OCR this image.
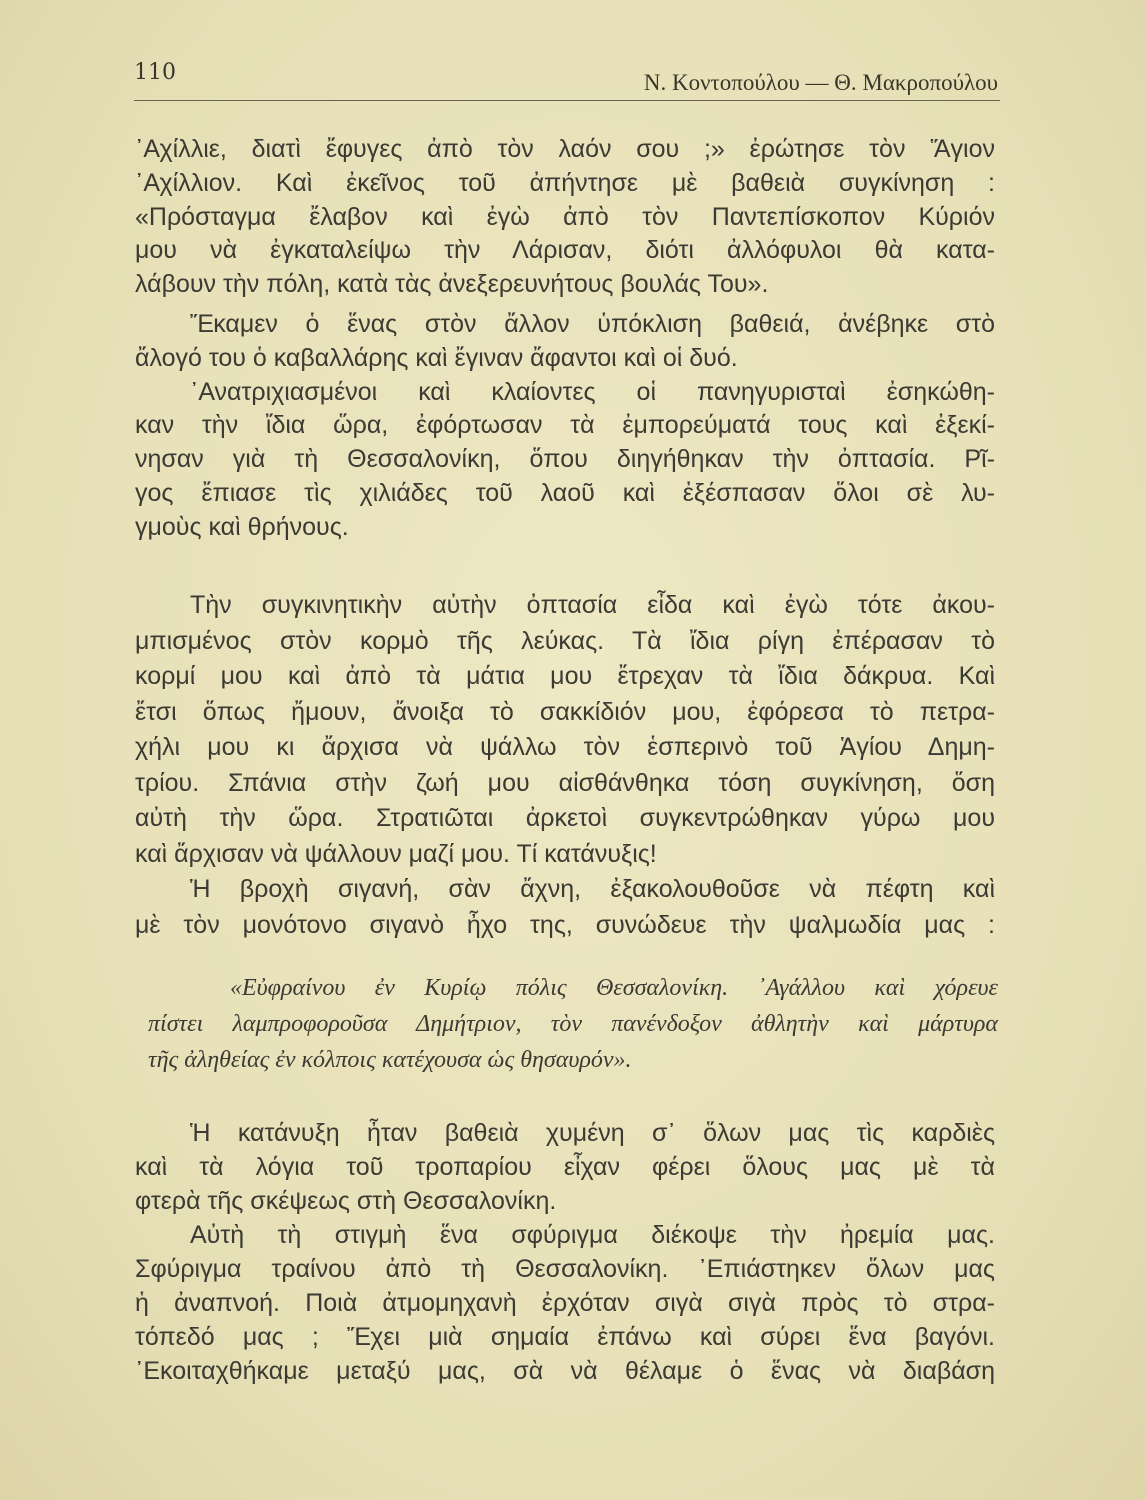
110	Ν. Κοντοπούλου — Θ. Μακροπούλου
᾿Αχίλλιε, διατὶ ἔφυγες ἀπὸ τὸν λαόν σου ;» ἐρώτησε τὸν Ἅγιον
᾿Αχίλλιον. Καὶ ἐκεῖνος τοῦ ἀπήντησε μὲ βαθειὰ συγκίνηση :
«Πρόσταγμα ἔλαβον καὶ ἐγὼ ἀπὸ τὸν Παντεπίσκοπον Κύριόν
μου νὰ ἐγκαταλείψω τὴν Λάρισαν, διότι ἀλλόφυλοι θὰ κατα-
λάβουν τὴν πόλη, κατὰ τὰς ἀνεξερευνήτους βουλάς Του».
Ἔκαμεν ὁ ἕνας στὸν ἄλλον ὑπόκλιση βαθειά, ἀνέβηκε στὸ
ἄλογό του ὁ καβαλλάρης καὶ ἔγιναν ἄφαντοι καὶ οἱ δυό.
᾿Ανατριχιασμένοι καὶ κλαίοντες οἱ πανηγυρισταὶ ἐσηκώθη-
καν τὴν ἴδια ὥρα, ἐφόρτωσαν τὰ ἐμπορεύματά τους καὶ ἐξεκί-
νησαν γιὰ τὴ Θεσσαλονίκη, ὅπου διηγήθηκαν τὴν ὀπτασία. Ρῖ-
γος ἔπιασε τὶς χιλιάδες τοῦ λαοῦ καὶ ἐξέσπασαν ὅλοι σὲ λυ-
γμοὺς καὶ θρήνους.
Τὴν συγκινητικὴν αὐτὴν ὀπτασία εἶδα καὶ ἐγὼ τότε ἀκου-
μπισμένος στὸν κορμὸ τῆς λεύκας. Τὰ ἴδια ρίγη ἐπέρασαν τὸ
κορμί μου καὶ ἀπὸ τὰ μάτια μου ἔτρεχαν τὰ ἴδια δάκρυα. Καὶ
ἔτσι ὅπως ἤμουν, ἄνοιξα τὸ σακκίδιόν μου, ἐφόρεσα τὸ πετρα-
χήλι μου κι ἄρχισα νὰ ψάλλω τὸν ἑσπερινὸ τοῦ Ἁγίου Δημη-
τρίου. Σπάνια στὴν ζωή μου αἰσθάνθηκα τόση συγκίνηση, ὅση
αὐτὴ τὴν ὥρα. Στρατιῶται ἀρκετοὶ συγκεντρώθηκαν γύρω μου
καὶ ἄρχισαν νὰ ψάλλουν μαζί μου. Τί κατάνυξις!
Ἡ βροχὴ σιγανή, σὰν ἄχνη, ἐξακολουθοῦσε νὰ πέφτη καὶ
μὲ τὸν μονότονο σιγανὸ ἦχο της, συνώδευε τὴν ψαλμωδία μας :
«Εὐφραίνου ἐν Κυρίῳ πόλις Θεσσαλονίκη. ᾿Αγάλλου καὶ χόρευε
πίστει λαμπροφοροῦσα Δημήτριον, τὸν πανένδοξον ἀθλητὴν καὶ μάρτυρα
τῆς ἀληθείας ἐν κόλποις κατέχουσα ὡς θησαυρόν».
Ἡ κατάνυξη ἦταν βαθειὰ χυμένη σ᾿ ὅλων μας τὶς καρδιὲς
καὶ τὰ λόγια τοῦ τροπαρίου εἶχαν φέρει ὅλους μας μὲ τὰ
φτερὰ τῆς σκέψεως στὴ Θεσσαλονίκη.
Αὐτὴ τὴ στιγμὴ ἕνα σφύριγμα διέκοψε τὴν ἠρεμία μας.
Σφύριγμα τραίνου ἀπὸ τὴ Θεσσαλονίκη. ᾿Επιάστηκεν ὅλων μας
ἡ ἀναπνοή. Ποιὰ ἀτμομηχανὴ ἐρχόταν σιγὰ σιγὰ πρὸς τὸ στρα-
τόπεδό μας ; Ἔχει μιὰ σημαία ἐπάνω καὶ σύρει ἕνα βαγόνι.
᾿Εκοιταχθήκαμε μεταξύ μας, σὰ νὰ θέλαμε ὁ ἕνας νὰ διαβάση
